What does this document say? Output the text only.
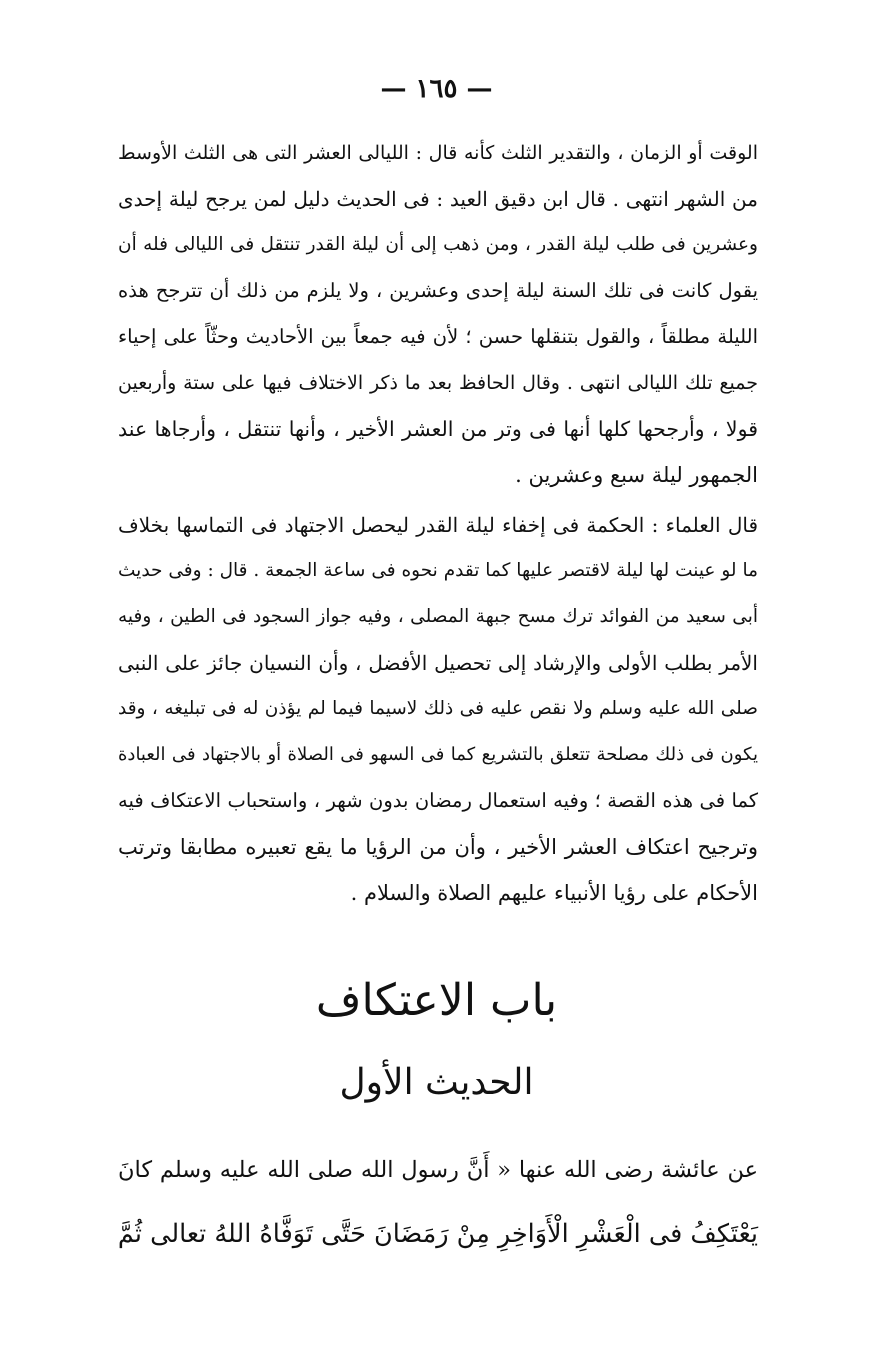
— ١٦٥ —
الوقت أو الزمان ، والتقدير الثلث كأنه قال : الليالى العشر التى هى الثلث الأوسط
من الشهر انتهى . قال ابن دقيق العيد : فى الحديث دليل لمن يرجح ليلة إحدى
وعشرين فى طلب ليلة القدر ، ومن ذهب إلى أن ليلة القدر تنتقل فى الليالى فله أن
يقول كانت فى تلك السنة ليلة إحدى وعشرين ، ولا يلزم من ذلك أن تترجح هذه
الليلة مطلقاً ، والقول بتنقلها حسن ؛ لأن فيه جمعاً بين الأحاديث وحثّاً على إحياء
جميع تلك الليالى انتهى . وقال الحافظ بعد ما ذكر الاختلاف فيها على ستة وأربعين
قولا ، وأرجحها كلها أنها فى وتر من العشر الأخير ، وأنها تنتقل ، وأرجاها عند
الجمهور ليلة سبع وعشرين .
قال العلماء : الحكمة فى إخفاء ليلة القدر ليحصل الاجتهاد فى التماسها بخلاف
ما لو عينت لها ليلة لاقتصر عليها كما تقدم نحوه فى ساعة الجمعة . قال : وفى حديث
أبى سعيد من الفوائد ترك مسح جبهة المصلى ، وفيه جواز السجود فى الطين ، وفيه
الأمر بطلب الأولى والإرشاد إلى تحصيل الأفضل ، وأن النسيان جائز على النبى
صلى الله عليه وسلم ولا نقص عليه فى ذلك لاسيما فيما لم يؤذن له فى تبليغه ، وقد
يكون فى ذلك مصلحة تتعلق بالتشريع كما فى السهو فى الصلاة أو بالاجتهاد فى العبادة
كما فى هذه القصة ؛ وفيه استعمال رمضان بدون شهر ، واستحباب الاعتكاف فيه
وترجيح اعتكاف العشر الأخير ، وأن من الرؤيا ما يقع تعبيره مطابقا وترتب
الأحكام على رؤيا الأنبياء عليهم الصلاة والسلام .
باب الاعتكاف
الحديث الأول
عن عائشة رضى الله عنها « أَنَّ رسول الله صلى الله عليه وسلم كانَ
يَعْتَكِفُ فى الْعَشْرِ الْأَوَاخِرِ مِنْ رَمَضَانَ حَتَّى تَوَفَّاهُ اللهُ تعالى ثُمَّ
